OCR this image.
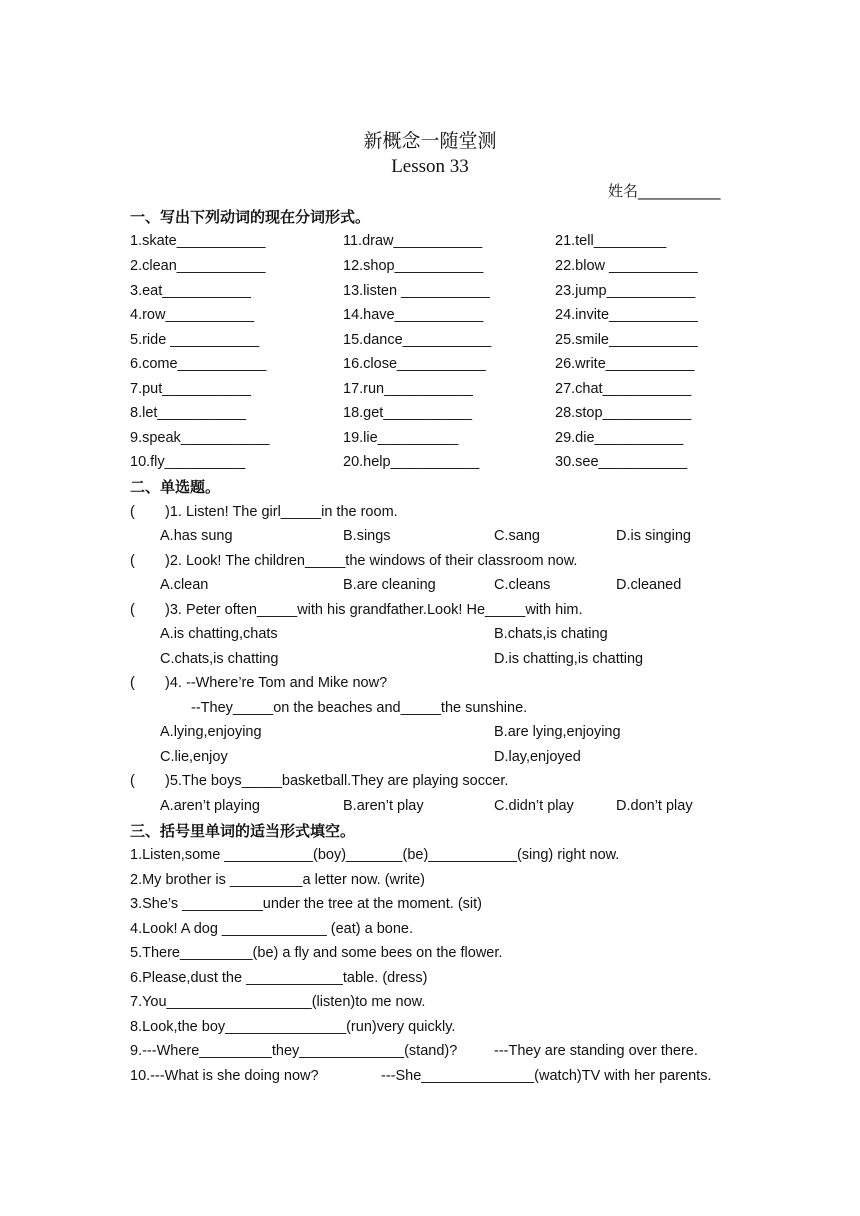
新概念一随堂测
Lesson 33
姓名___________
一、写出下列动词的现在分词形式。
1.skate___________
2.clean___________
3.eat___________
4.row___________
5.ride ___________
6.come___________
7.put___________
8.let___________
9.speak___________
10.fly__________
11.draw___________
12.shop___________
13.listen ___________
14.have___________
15.dance___________
16.close___________
17.run___________
18.get___________
19.lie__________
20.help___________
21.tell_________
22.blow ___________
23.jump___________
24.invite___________
25.smile___________
26.write___________
27.chat___________
28.stop___________
29.die___________
30.see___________
二、单选题。
( )1. Listen! The girl_____in the room.
A.has sung	B.sings	C.sang	D.is singing
( )2. Look! The children_____the windows of their classroom now.
A.clean	B.are cleaning	C.cleans	D.cleaned
( )3. Peter often_____with his grandfather.Look! He_____with him.
A.is chatting,chats	B.chats,is chating
C.chats,is chatting	D.is chatting,is chatting
( )4. --Where’re Tom and Mike now?
--They_____on the beaches and_____the sunshine.
A.lying,enjoying	B.are lying,enjoying
C.lie,enjoy	D.lay,enjoyed
( )5.The boys_____basketball.They are playing soccer.
A.aren’t playing	B.aren’t play	C.didn’t play	D.don’t play
三、括号里单词的适当形式填空。
1.Listen,some ___________(boy)_______(be)___________(sing) right now.
2.My brother is _________a letter now. (write)
3.She’s __________under the tree at the moment. (sit)
4.Look! A dog _____________ (eat) a bone.
5.There_________(be) a fly and some bees on the flower.
6.Please,dust the ____________table. (dress)
7.You__________________(listen)to me now.
8.Look,the boy_______________(run)very quickly.
9.---Where_________they_____________(stand)?	---They are standing over there.
10.---What is she doing now?	---She______________(watch)TV with her parents.
